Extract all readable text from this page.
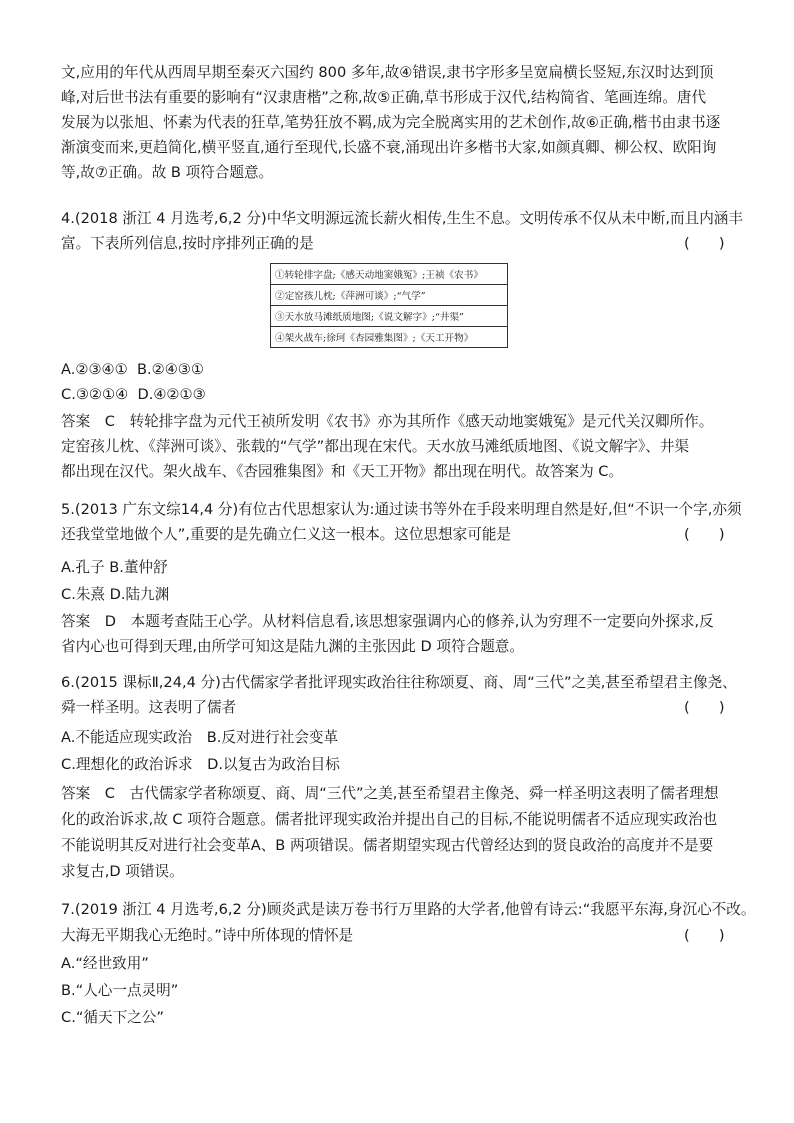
文,应用的年代从西周早期至秦灭六国约 800 多年,故④错误,隶书字形多呈宽扁横长竖短,东汉时达到顶
峰,对后世书法有重要的影响有“汉隶唐楷”之称,故⑤正确,草书形成于汉代,结构简省、笔画连绵。唐代
发展为以张旭、怀素为代表的狂草,笔势狂放不羁,成为完全脱离实用的艺术创作,故⑥正确,楷书由隶书逐
渐演变而来,更趋简化,横平竖直,通行至现代,长盛不衰,涌现出许多楷书大家,如颜真卿、柳公权、欧阳询
等,故⑦正确。故 B 项符合题意。
4.(2018 浙江 4 月选考,6,2 分)中华文明源远流长薪火相传,生生不息。文明传承不仅从未中断,而且内涵丰
富。下表所列信息,按时序排列正确的是	(　　)
①转轮排字盘;《感天动地窦娥冤》;王祯《农书》
②定窑孩儿枕;《萍洲可谈》;“气学”
③天水放马滩纸质地图;《说文解字》;“井渠”
④架火战车;徐珂《杏园雅集图》;《天工开物》
A.②③④① B.②④③①
C.③②①④ D.④②①③
答案　C　转轮排字盘为元代王祯所发明《农书》亦为其所作《感天动地窦娥冤》是元代关汉卿所作。
定窑孩儿枕、《萍洲可谈》、张载的“气学”都出现在宋代。天水放马滩纸质地图、《说文解字》、井渠
都出现在汉代。架火战车、《杏园雅集图》和《天工开物》都出现在明代。故答案为 C。
5.(2013 广东文综14,4 分)有位古代思想家认为:通过读书等外在手段来明理自然是好,但“不识一个字,亦须
还我堂堂地做个人”,重要的是先确立仁义这一根本。这位思想家可能是	(　　)
A.孔子 B.董仲舒
C.朱熹 D.陆九渊
答案　D　本题考查陆王心学。从材料信息看,该思想家强调内心的修养,认为穷理不一定要向外探求,反
省内心也可得到天理,由所学可知这是陆九渊的主张因此 D 项符合题意。
6.(2015 课标Ⅱ,24,4 分)古代儒家学者批评现实政治往往称颂夏、商、周“三代”之美,甚至希望君主像尧、
舜一样圣明。这表明了儒者	(　　)
A.不能适应现实政治　B.反对进行社会变革
C.理想化的政治诉求　D.以复古为政治目标
答案　C　古代儒家学者称颂夏、商、周“三代”之美,甚至希望君主像尧、舜一样圣明这表明了儒者理想
化的政治诉求,故 C 项符合题意。儒者批评现实政治并提出自己的目标,不能说明儒者不适应现实政治也
不能说明其反对进行社会变革A、B 两项错误。儒者期望实现古代曾经达到的贤良政治的高度并不是要
求复古,D 项错误。
7.(2019 浙江 4 月选考,6,2 分)顾炎武是读万卷书行万里路的大学者,他曾有诗云:“我愿平东海,身沉心不改。
大海无平期我心无绝时。”诗中所体现的情怀是	(　　)
A.“经世致用”
B.“人心一点灵明”
C.“循天下之公”
